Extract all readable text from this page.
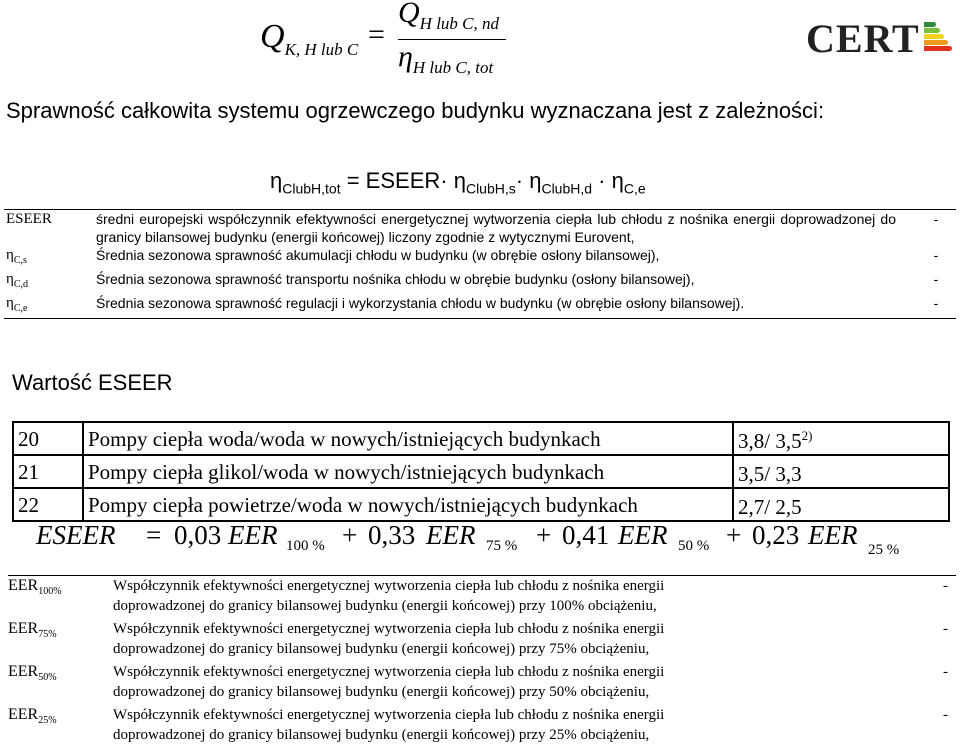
$Q_{K, H lub C}$ =
$Q_{H lub C, nd}$
$\eta_{H lub C, tot}$
CERT
Sprawność całkowita systemu ogrzewczego budynku wyznaczana jest z zależności:
$\eta_{ClubH,tot}$ = ESEER· $\eta_{ClubH,s}\cdot \eta_{ClubH,d} \cdot \eta_{C,e}$
ESEER	średni europejski współczynnik efektywności energetycznej wytworzenia ciepła lub chłodu z nośnika energii doprowadzonej do granicy bilansowej budynku (energii końcowej) liczony zgodnie z wytycznymi Eurovent,
-
$\eta_{C,s}$	Średnia sezonowa sprawność akumulacji chłodu w budynku (w obrębie osłony bilansowej),	-
$\eta_{C,d}$	Średnia sezonowa sprawność transportu nośnika chłodu w obrębie budynku (osłony bilansowej),	-
$\eta_{C,e}$	Średnia sezonowa sprawność regulacji i wykorzystania chłodu w budynku (w obrębie osłony bilansowej).	-
Wartość ESEER
20	Pompy ciepła woda/woda w nowych/istniejących budynkach	3,8/ 3,5$^{2)}$
21	Pompy ciepła glikol/woda w nowych/istniejących budynkach	3,5/ 3,3
22	Pompy ciepła powietrze/woda w nowych/istniejących budynkach	2,7/ 2,5
ESEER = 0,03 EER 100 % + 0,33 EER 75 % + 0,41 EER 50 % + 0,23 EER 25 %
$EER_{100\%}$	Współczynnik efektywności energetycznej wytworzenia ciepła lub chłodu z nośnika energii
doprowadzonej do granicy bilansowej budynku (energii końcowej) przy 100% obciążeniu,
-
$EER_{75\%}$	Współczynnik efektywności energetycznej wytworzenia ciepła lub chłodu z nośnika energii
doprowadzonej do granicy bilansowej budynku (energii końcowej) przy 75% obciążeniu,
-
$EER_{50\%}$	Współczynnik efektywności energetycznej wytworzenia ciepła lub chłodu z nośnika energii
doprowadzonej do granicy bilansowej budynku (energii końcowej) przy 50% obciążeniu,
-
$EER_{25\%}$	Współczynnik efektywności energetycznej wytworzenia ciepła lub chłodu z nośnika energii
doprowadzonej do granicy bilansowej budynku (energii końcowej) przy 25% obciążeniu,
-
